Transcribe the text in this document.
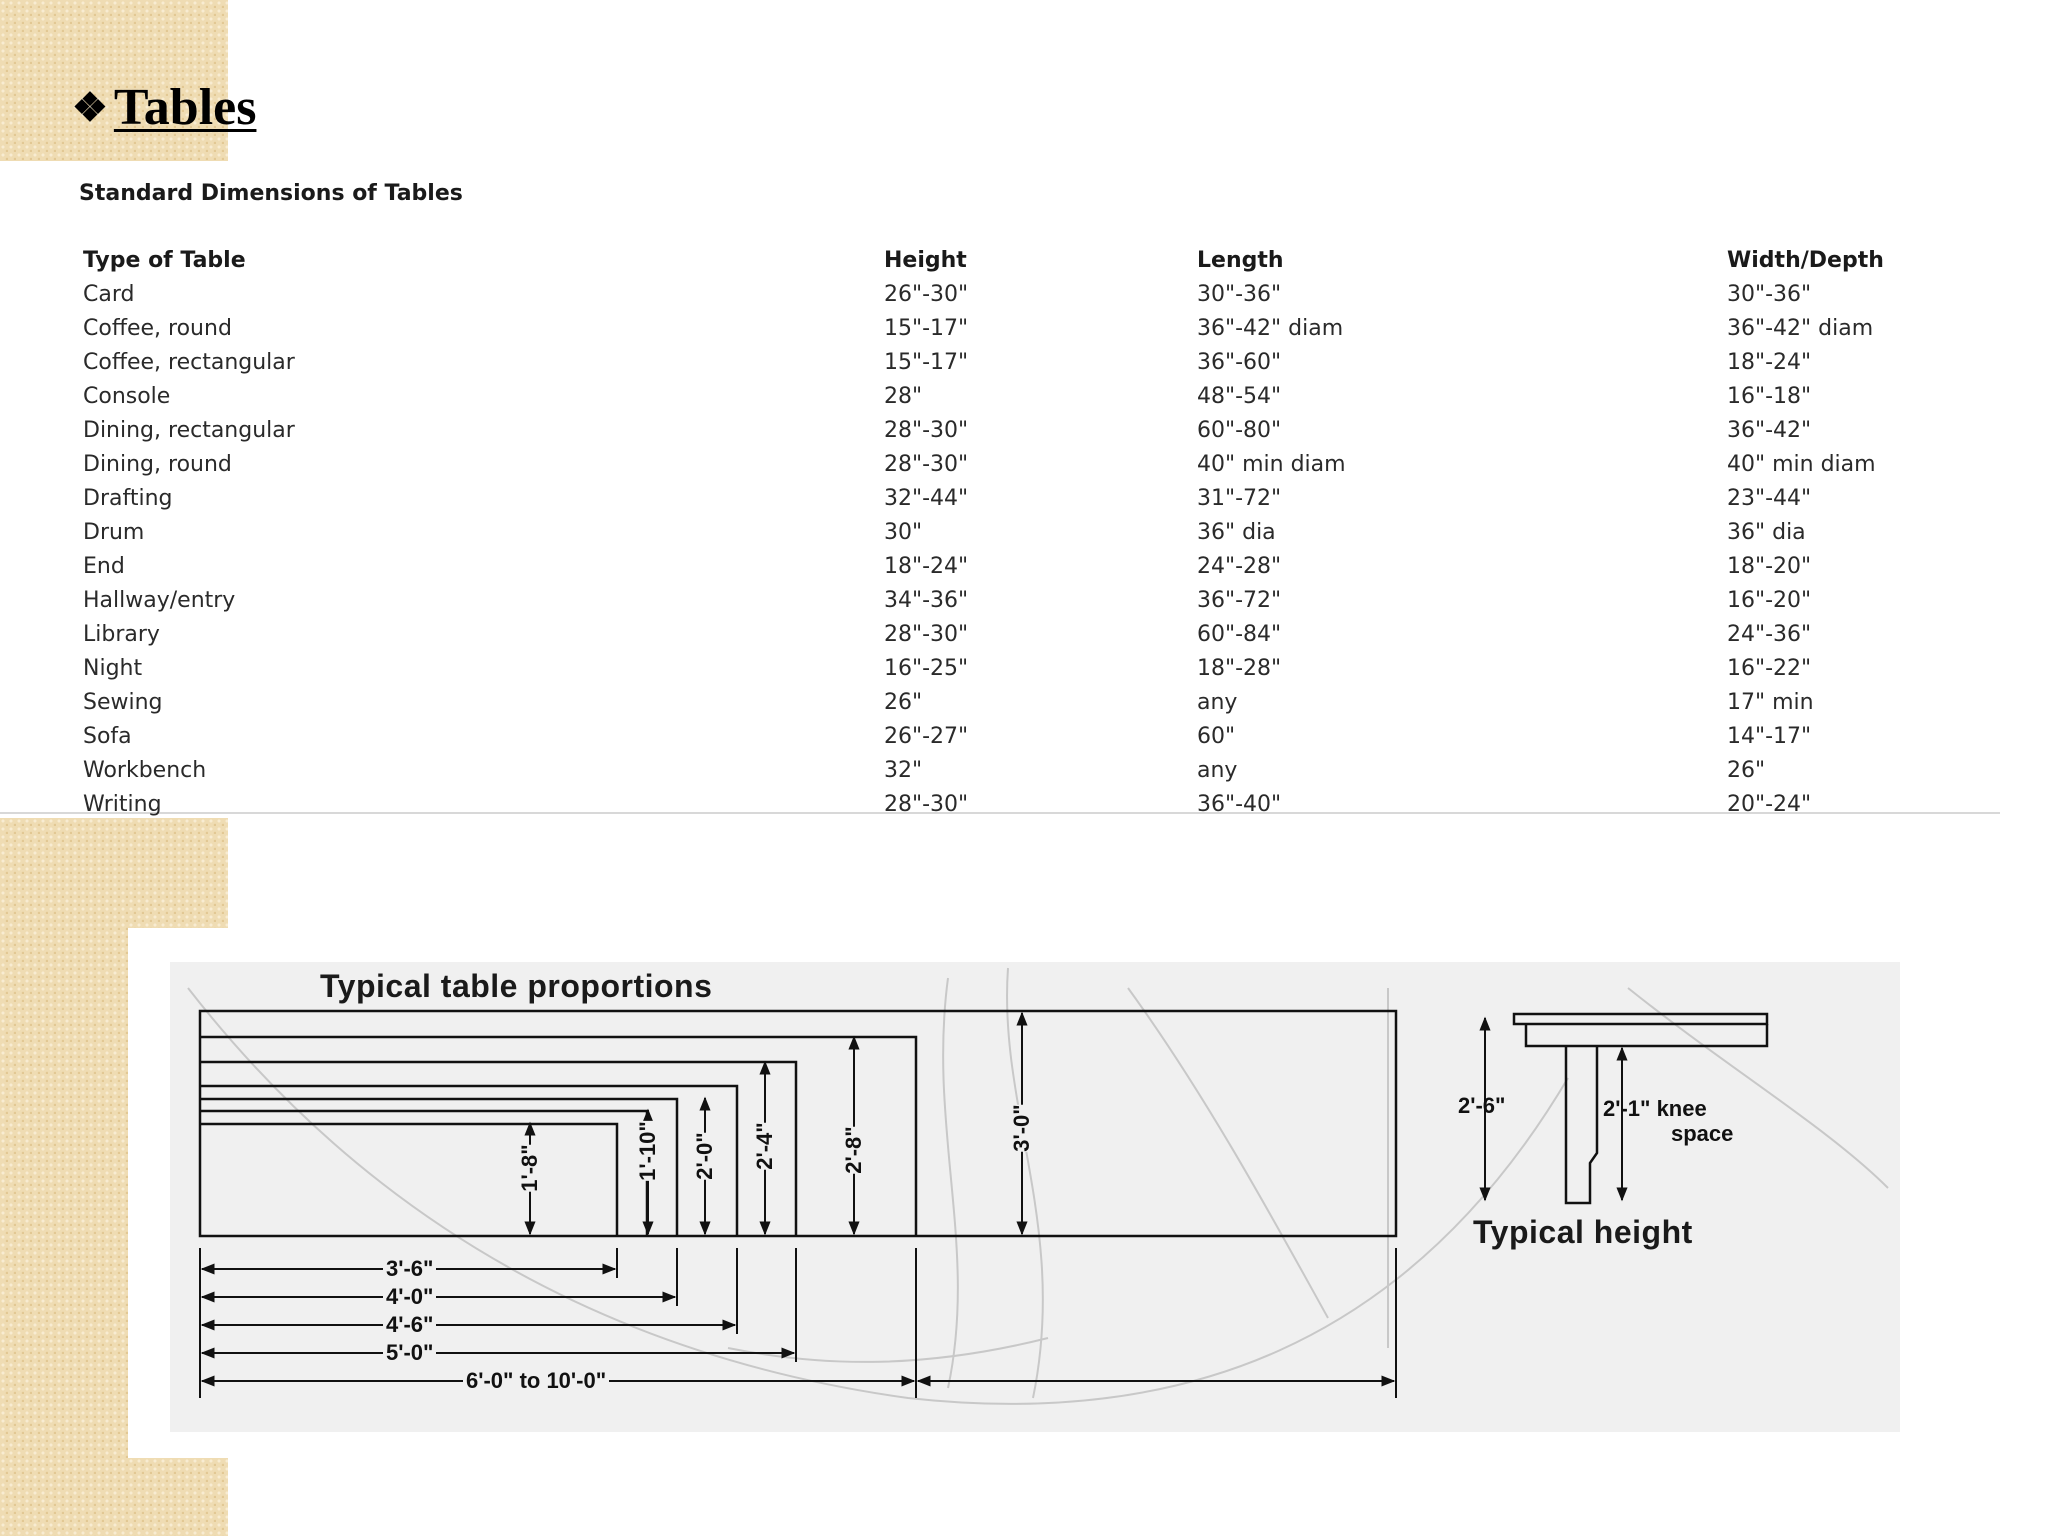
❖ Tables
Standard Dimensions of Tables
Type of Table	Height	Length	Width/Depth
Card	26"-30"	30"-36"	30"-36"
Coffee, round	15"-17"	36"-42" diam	36"-42" diam
Coffee, rectangular	15"-17"	36"-60"	18"-24"
Console	28"	48"-54"	16"-18"
Dining, rectangular	28"-30"	60"-80"	36"-42"
Dining, round	28"-30"	40" min diam	40" min diam
Drafting	32"-44"	31"-72"	23"-44"
Drum	30"	36" dia	36" dia
End	18"-24"	24"-28"	18"-20"
Hallway/entry	34"-36"	36"-72"	16"-20"
Library	28"-30"	60"-84"	24"-36"
Night	16"-25"	18"-28"	16"-22"
Sewing	26"	any	17" min
Sofa	26"-27"	60"	14"-17"
Workbench	32"	any	26"
Writing	28"-30"	36"-40"	20"-24"
Typical table proportions
1'-8"	1'-10" 2'-0" 2'-4"	2'-8"	3'-0"
3'-6"
4'-0"
4'-6"
5'-0"
6'-0" to 10'-0"
2'-6"	2'-1" knee
space
Typical height
